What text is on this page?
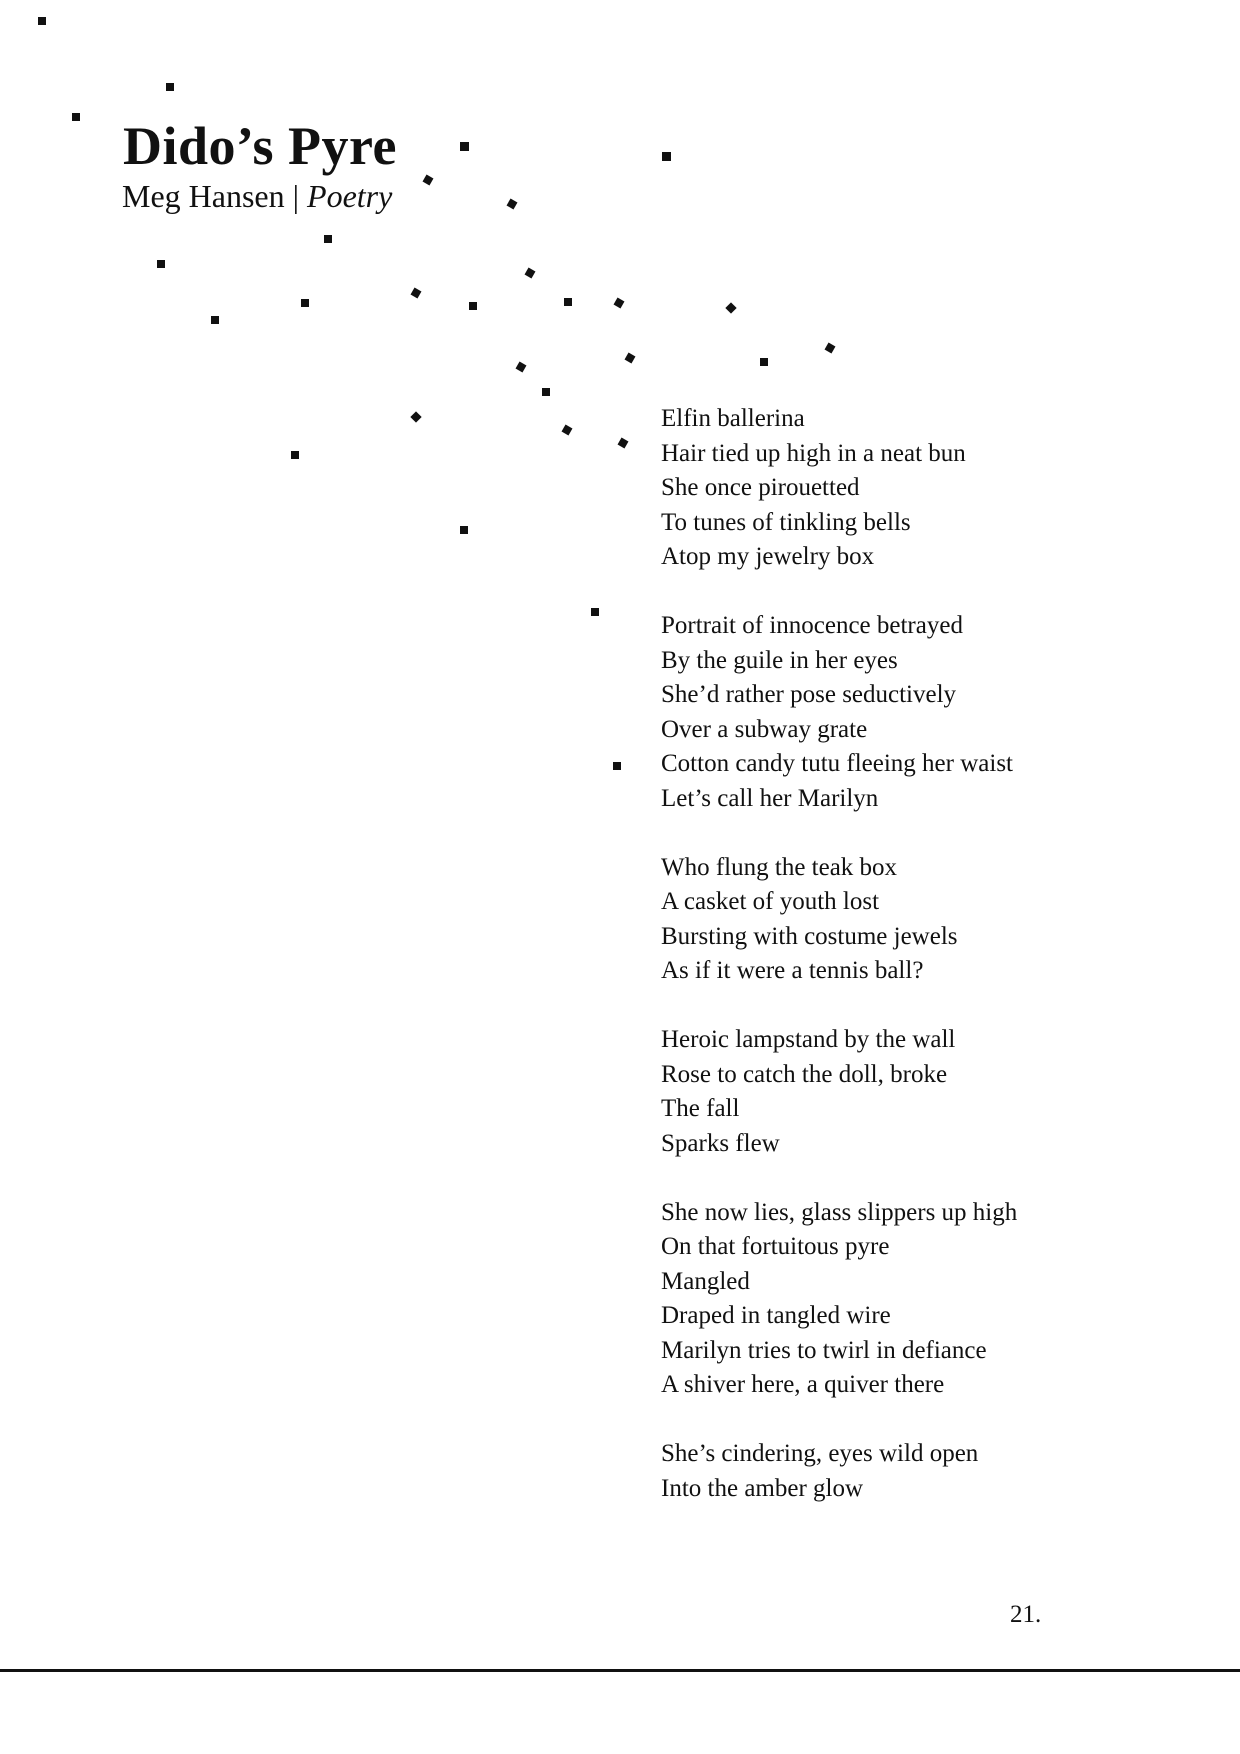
Dido’s Pyre
Meg Hansen | Poetry
Elfin ballerina
Hair tied up high in a neat bun
She once pirouetted
To tunes of tinkling bells
Atop my jewelry box
Portrait of innocence betrayed
By the guile in her eyes
She’d rather pose seductively
Over a subway grate
Cotton candy tutu fleeing her waist
Let’s call her Marilyn
Who flung the teak box
A casket of youth lost
Bursting with costume jewels
As if it were a tennis ball?
Heroic lampstand by the wall
Rose to catch the doll, broke
The fall
Sparks flew
She now lies, glass slippers up high
On that fortuitous pyre
Mangled
Draped in tangled wire
Marilyn tries to twirl in defiance
A shiver here, a quiver there
She’s cindering, eyes wild open
Into the amber glow
21.
